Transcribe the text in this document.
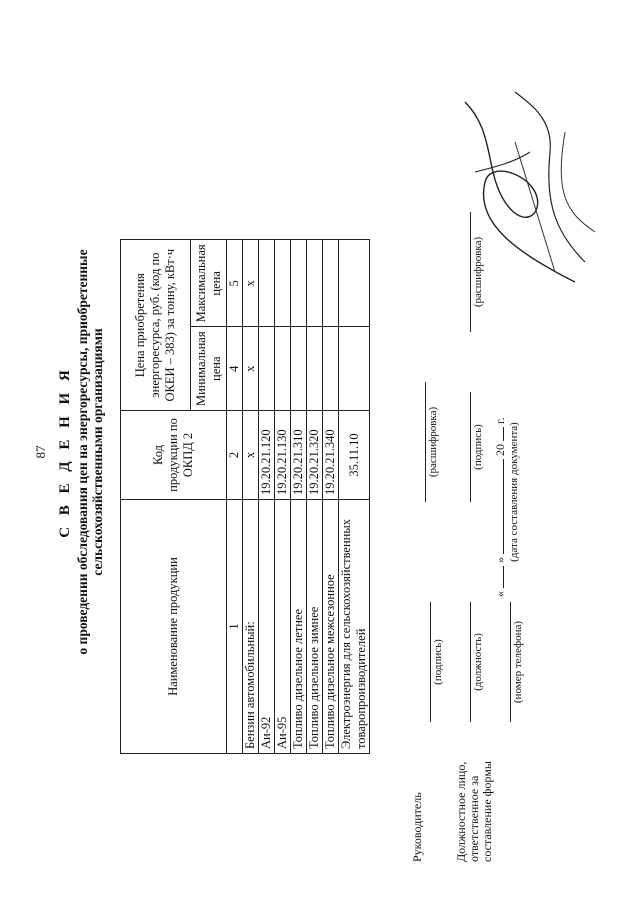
87 С В Е Д Е Н И Я о проведении обследования цен на энергоресурсы, приобретенные сельскохозяйственными организациями
Наименование продукции	Код продукции по ОКПД 2	Цена приобретения энергоресурса, руб. (код по ОКЕИ – 383) за тонну, кВт·ч	
		Минимальная цена	Максимальная цена
1	2	4	5
Бензин автомобильный:	х	х	х
Аи-92	19.20.21.120		
Аи-95	19.20.21.130		
Топливо дизельное летнее	19.20.21.310		
Топливо дизельное зимнее	19.20.21.320		
Топливо дизельное межсезонное	19.20.21.340		
Электроэнергия для сельскохозяйственных товаропроизводителей	35.11.10		
Руководитель
(подпись)
(расшифровка)
Должностное лицо, ответственное за составление формы
(должность)
(подпись)
(расшифровка)
(номер телефона)
«  »  20  г.
(дата составления документа)
